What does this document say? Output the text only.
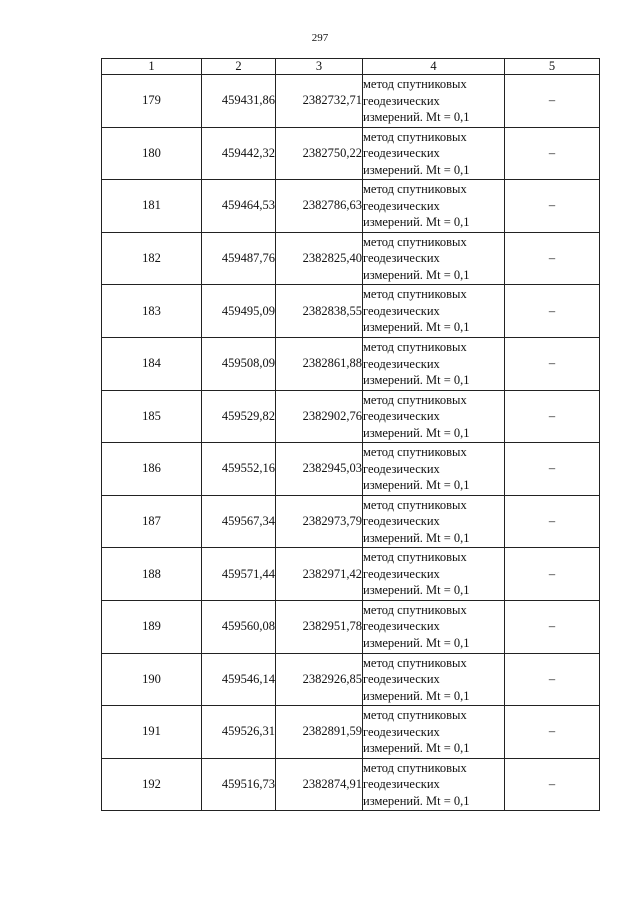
297
1	2	3	4	5
179	459431,86	2382732,71	метод спутниковых
геодезических
измерений. Mt = 0,1	–
180	459442,32	2382750,22	метод спутниковых
геодезических
измерений. Mt = 0,1	–
181	459464,53	2382786,63	метод спутниковых
геодезических
измерений. Mt = 0,1	–
182	459487,76	2382825,40	метод спутниковых
геодезических
измерений. Mt = 0,1	–
183	459495,09	2382838,55	метод спутниковых
геодезических
измерений. Mt = 0,1	–
184	459508,09	2382861,88	метод спутниковых
геодезических
измерений. Mt = 0,1	–
185	459529,82	2382902,76	метод спутниковых
геодезических
измерений. Mt = 0,1	–
186	459552,16	2382945,03	метод спутниковых
геодезических
измерений. Mt = 0,1	–
187	459567,34	2382973,79	метод спутниковых
геодезических
измерений. Mt = 0,1	–
188	459571,44	2382971,42	метод спутниковых
геодезических
измерений. Mt = 0,1	–
189	459560,08	2382951,78	метод спутниковых
геодезических
измерений. Mt = 0,1	–
190	459546,14	2382926,85	метод спутниковых
геодезических
измерений. Mt = 0,1	–
191	459526,31	2382891,59	метод спутниковых
геодезических
измерений. Mt = 0,1	–
192	459516,73	2382874,91	метод спутниковых
геодезических
измерений. Mt = 0,1	–
